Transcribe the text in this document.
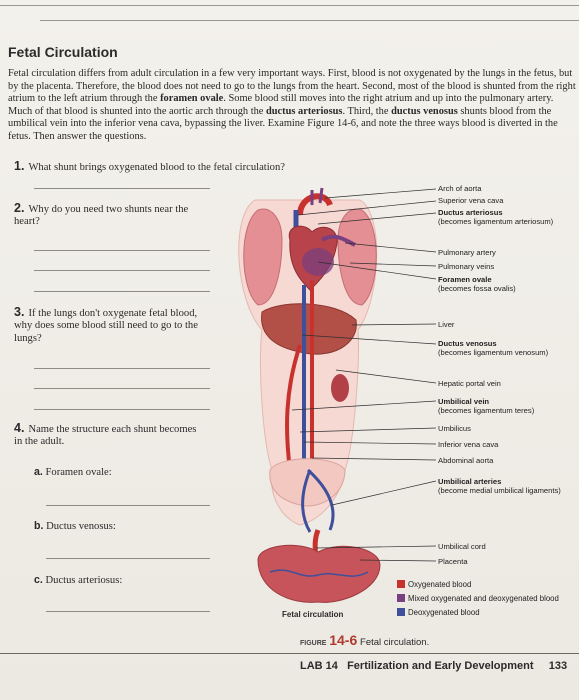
Fetal Circulation
Fetal circulation differs from adult circulation in a few very important ways. First, blood is not oxygenated by the lungs in the fetus, but by the placenta. Therefore, the blood does not need to go to the lungs from the heart. Second, most of the blood is shunted from the right atrium to the left atrium through the foramen ovale. Some blood still moves into the right atrium and up into the pulmonary artery. Much of that blood is shunted into the aortic arch through the ductus arteriosus. Third, the ductus venosus shunts blood from the umbilical vein into the inferior vena cava, bypassing the liver. Examine Figure 14-6, and note the three ways blood is diverted in the fetus. Then answer the questions.
1. What shunt brings oxygenated blood to the fetal circulation?
2. Why do you need two shunts near the heart?
3. If the lungs don't oxygenate fetal blood, why does some blood still need to go to the lungs?
4. Name the structure each shunt becomes in the adult.
a. Foramen ovale:
b. Ductus venosus:
c. Ductus arteriosus:
Arch of aorta
Superior vena cava
Ductus arteriosus
(becomes ligamentum arteriosum)
Pulmonary artery
Pulmonary veins
Foramen ovale
(becomes fossa ovalis)
Liver
Ductus venosus
(becomes ligamentum venosum)
Hepatic portal vein
Umbilical vein
(becomes ligamentum teres)
Umbilicus
Inferior vena cava
Abdominal aorta
Umbilical arteries
(become medial umbilical ligaments)
Umbilical cord
Placenta
Oxygenated blood
Mixed oxygenated and deoxygenated blood
Deoxygenated blood
Fetal circulation
FIGURE 14-6 Fetal circulation.
LAB 14 Fertilization and Early Development 133
